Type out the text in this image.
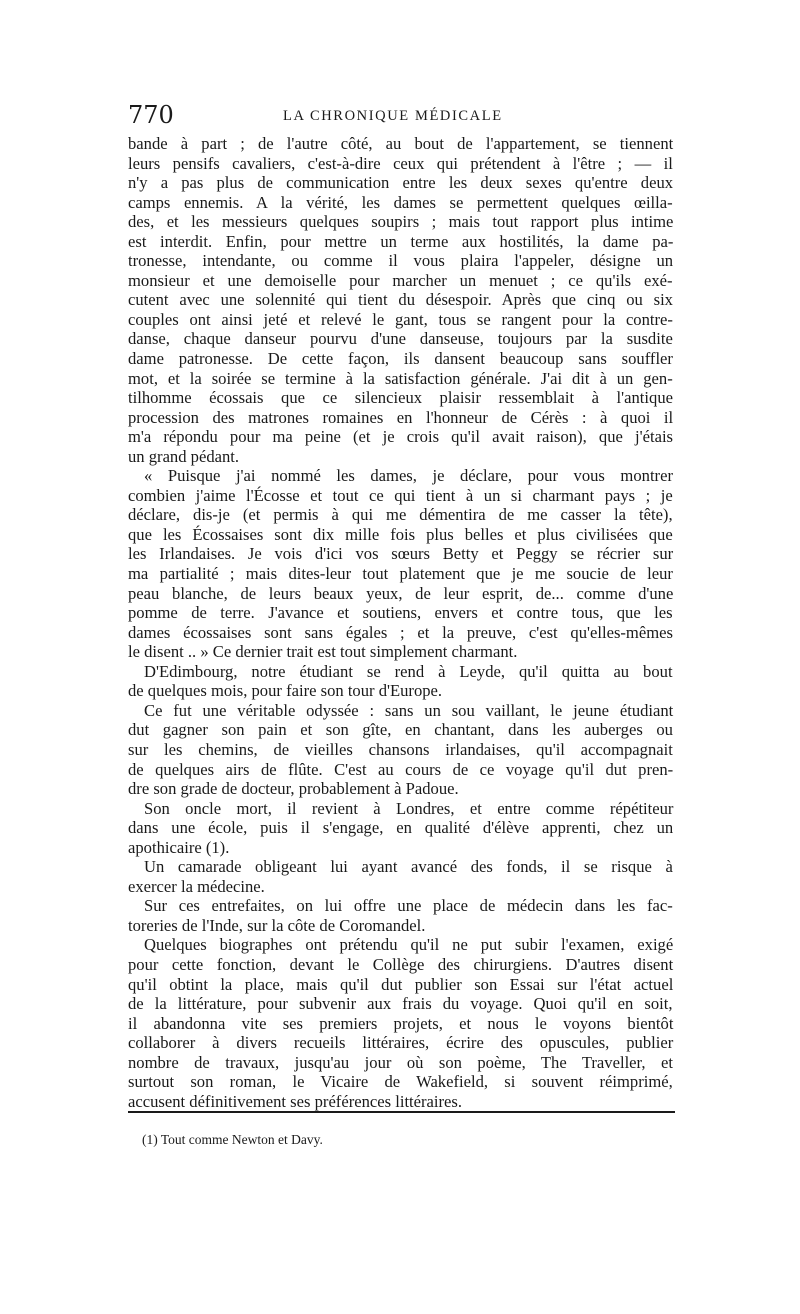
770	LA CHRONIQUE MÉDICALE
bande à part ; de l'autre côté, au bout de l'appartement, se tiennent
leurs pensifs cavaliers, c'est-à-dire ceux qui prétendent à l'être ; — il
n'y a pas plus de communication entre les deux sexes qu'entre deux
camps ennemis. A la vérité, les dames se permettent quelques œilla-
des, et les messieurs quelques soupirs ; mais tout rapport plus intime
est interdit. Enfin, pour mettre un terme aux hostilités, la dame pa-
tronesse, intendante, ou comme il vous plaira l'appeler, désigne un
monsieur et une demoiselle pour marcher un menuet ; ce qu'ils exé-
cutent avec une solennité qui tient du désespoir. Après que cinq ou six
couples ont ainsi jeté et relevé le gant, tous se rangent pour la contre-
danse, chaque danseur pourvu d'une danseuse, toujours par la susdite
dame patronesse. De cette façon, ils dansent beaucoup sans souffler
mot, et la soirée se termine à la satisfaction générale. J'ai dit à un gen-
tilhomme écossais que ce silencieux plaisir ressemblait à l'antique
procession des matrones romaines en l'honneur de Cérès : à quoi il
m'a répondu pour ma peine (et je crois qu'il avait raison), que j'étais
un grand pédant.
« Puisque j'ai nommé les dames, je déclare, pour vous montrer
combien j'aime l'Écosse et tout ce qui tient à un si charmant pays ; je
déclare, dis-je (et permis à qui me démentira de me casser la tête),
que les Écossaises sont dix mille fois plus belles et plus civilisées que
les Irlandaises. Je vois d'ici vos sœurs Betty et Peggy se récrier sur
ma partialité ; mais dites-leur tout platement que je me soucie de leur
peau blanche, de leurs beaux yeux, de leur esprit, de... comme d'une
pomme de terre. J'avance et soutiens, envers et contre tous, que les
dames écossaises sont sans égales ; et la preuve, c'est qu'elles-mêmes
le disent .. » Ce dernier trait est tout simplement charmant.
D'Edimbourg, notre étudiant se rend à Leyde, qu'il quitta au bout
de quelques mois, pour faire son tour d'Europe.
Ce fut une véritable odyssée : sans un sou vaillant, le jeune étudiant
dut gagner son pain et son gîte, en chantant, dans les auberges ou
sur les chemins, de vieilles chansons irlandaises, qu'il accompagnait
de quelques airs de flûte. C'est au cours de ce voyage qu'il dut pren-
dre son grade de docteur, probablement à Padoue.
Son oncle mort, il revient à Londres, et entre comme répétiteur
dans une école, puis il s'engage, en qualité d'élève apprenti, chez un
apothicaire (1).
Un camarade obligeant lui ayant avancé des fonds, il se risque à
exercer la médecine.
Sur ces entrefaites, on lui offre une place de médecin dans les fac-
toreries de l'Inde, sur la côte de Coromandel.
Quelques biographes ont prétendu qu'il ne put subir l'examen, exigé
pour cette fonction, devant le Collège des chirurgiens. D'autres disent
qu'il obtint la place, mais qu'il dut publier son Essai sur l'état actuel
de la littérature, pour subvenir aux frais du voyage. Quoi qu'il en soit,
il abandonna vite ses premiers projets, et nous le voyons bientôt
collaborer à divers recueils littéraires, écrire des opuscules, publier
nombre de travaux, jusqu'au jour où son poème, The Traveller, et
surtout son roman, le Vicaire de Wakefield, si souvent réimprimé,
accusent définitivement ses préférences littéraires.
(1) Tout comme Newton et Davy.
